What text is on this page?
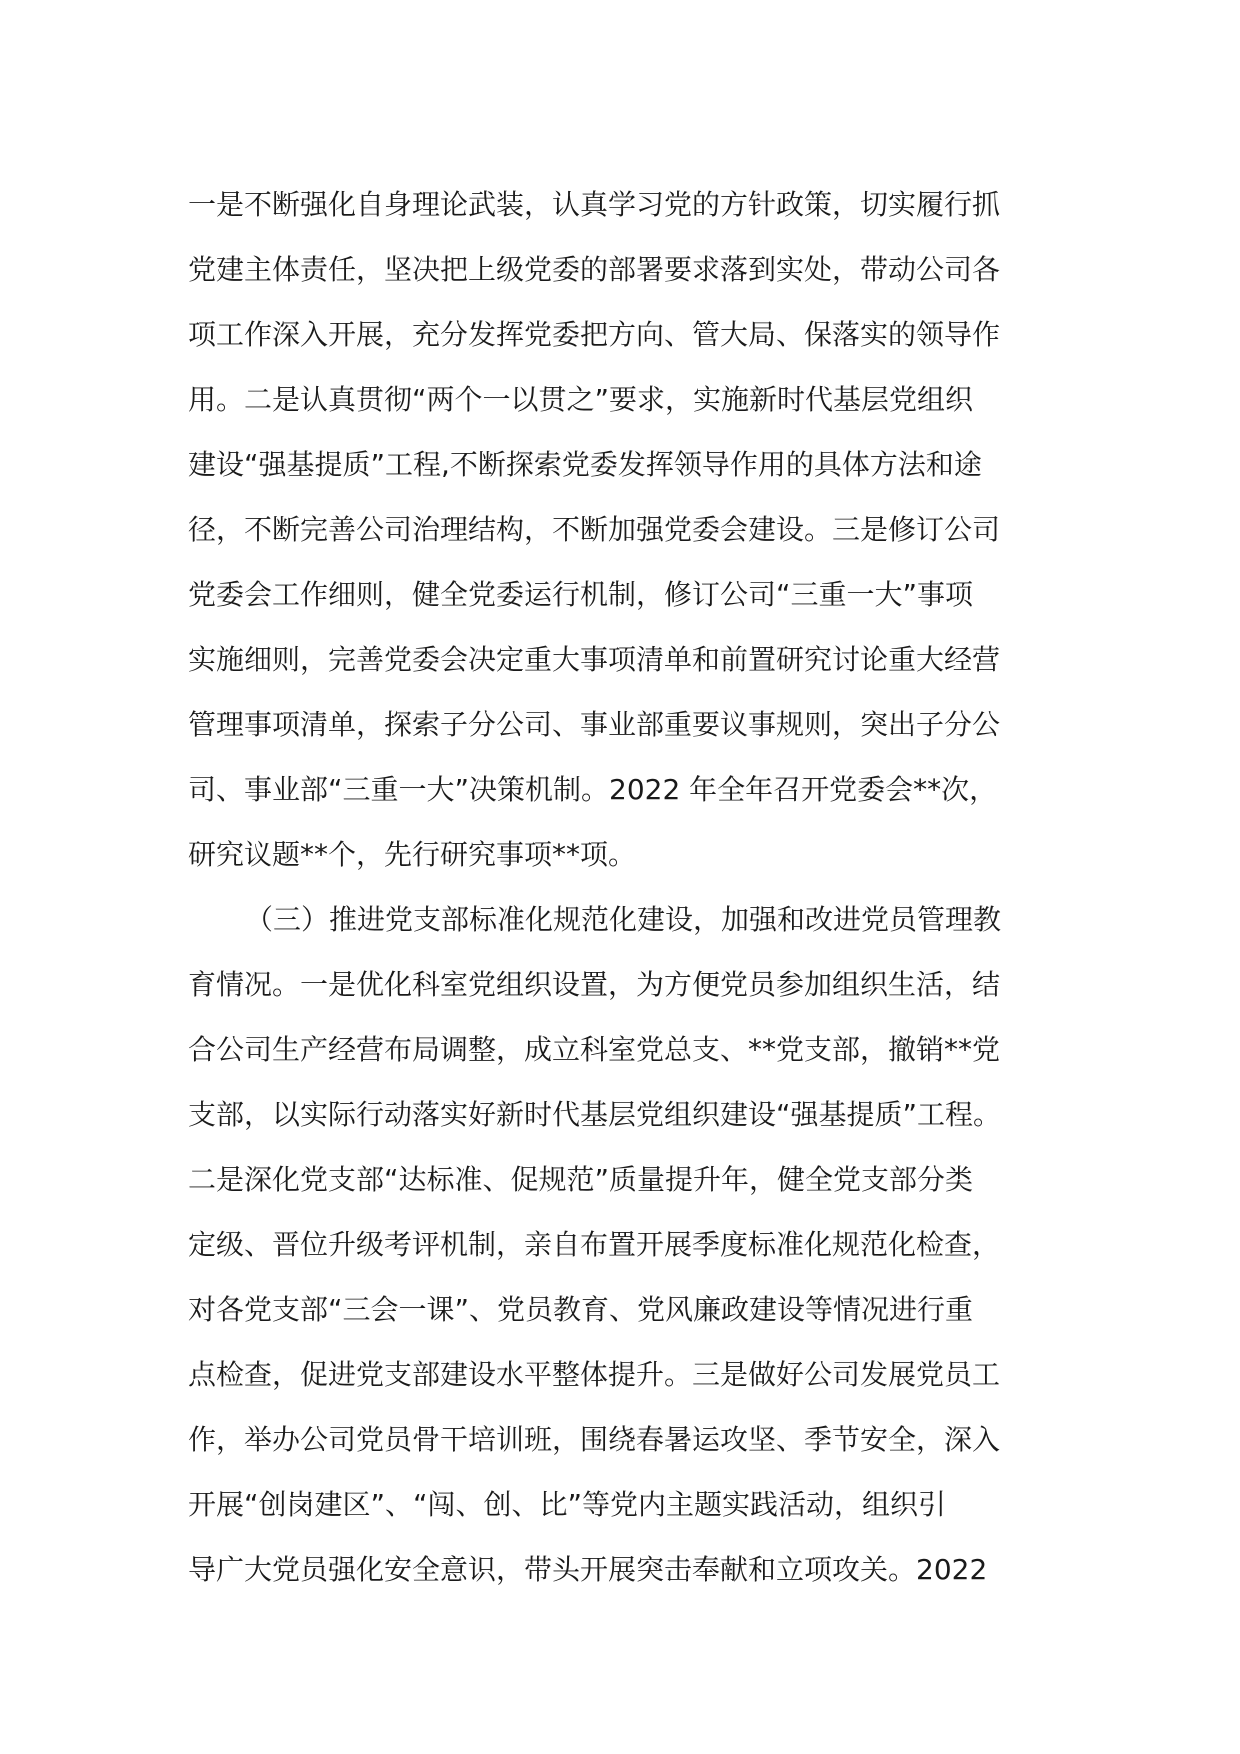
一是不断强化自身理论武装，认真学习党的方针政策，切实履行抓
党建主体责任，坚决把上级党委的部署要求落到实处，带动公司各
项工作深入开展，充分发挥党委把方向、管大局、保落实的领导作
用。二是认真贯彻“两个一以贯之”要求，实施新时代基层党组织
建设“强基提质”工程,不断探索党委发挥领导作用的具体方法和途
径，不断完善公司治理结构，不断加强党委会建设。三是修订公司
党委会工作细则，健全党委运行机制，修订公司“三重一大”事项
实施细则，完善党委会决定重大事项清单和前置研究讨论重大经营
管理事项清单，探索子分公司、事业部重要议事规则，突出子分公
司、事业部“三重一大”决策机制。2022 年全年召开党委会**次，
研究议题**个，先行研究事项**项。
（三）推进党支部标准化规范化建设，加强和改进党员管理教
育情况。一是优化科室党组织设置，为方便党员参加组织生活，结
合公司生产经营布局调整，成立科室党总支、**党支部，撤销**党
支部，以实际行动落实好新时代基层党组织建设“强基提质”工程。
二是深化党支部“达标准、促规范”质量提升年，健全党支部分类
定级、晋位升级考评机制，亲自布置开展季度标准化规范化检查，
对各党支部“三会一课”、党员教育、党风廉政建设等情况进行重
点检查，促进党支部建设水平整体提升。三是做好公司发展党员工
作，举办公司党员骨干培训班，围绕春暑运攻坚、季节安全，深入
开展“创岗建区”、“闯、创、比”等党内主题实践活动，组织引
导广大党员强化安全意识，带头开展突击奉献和立项攻关。2022
